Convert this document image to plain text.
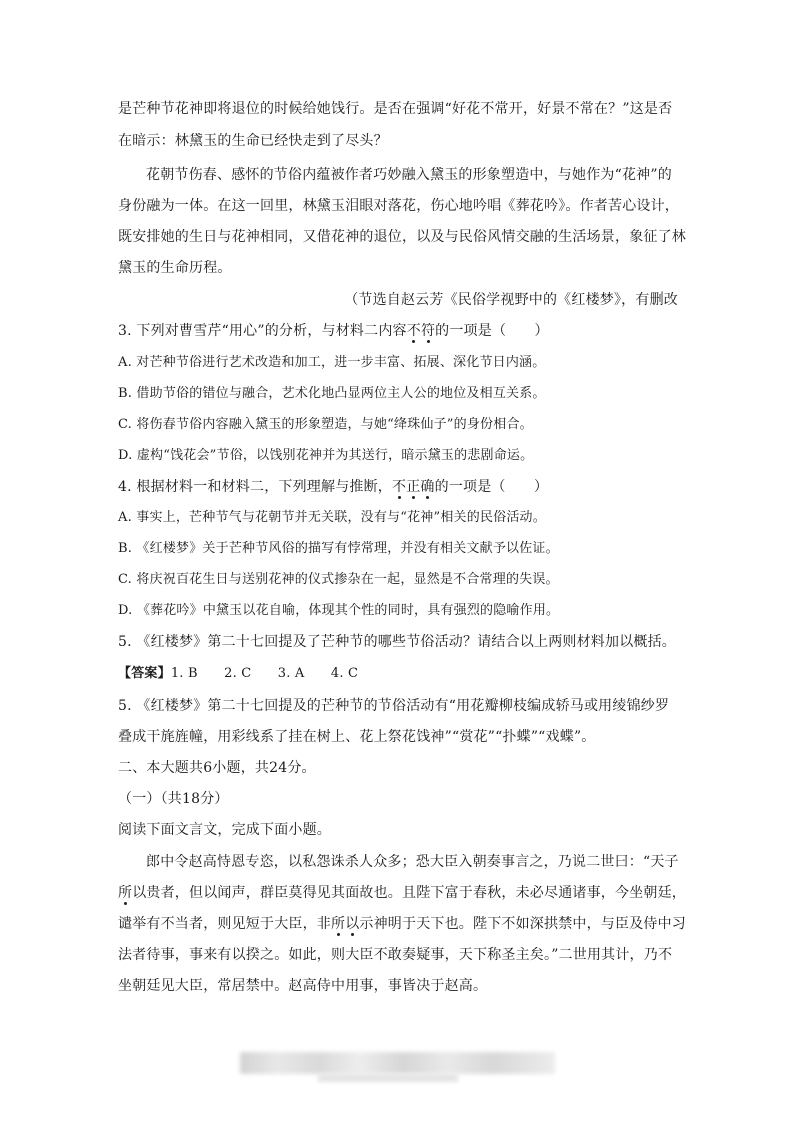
是芒种节花神即将退位的时候给她饯行。是否在强调“好花不常开，好景不常在？”这是否
在暗示：林黛玉的生命已经快走到了尽头？
花朝节伤春、感怀的节俗内蕴被作者巧妙融入黛玉的形象塑造中，与她作为“花神”的
身份融为一体。在这一回里，林黛玉泪眼对落花，伤心地吟唱《葬花吟》。作者苦心设计，
既安排她的生日与花神相同，又借花神的退位，以及与民俗风情交融的生活场景，象征了林
黛玉的生命历程。
（节选自赵云芳《民俗学视野中的《红楼梦》，有删改
3. 下列对曹雪芹“用心”的分析，与材料二内容不符的一项是（　　）
A. 对芒种节俗进行艺术改造和加工，进一步丰富、拓展、深化节日内涵。
B. 借助节俗的错位与融合，艺术化地凸显两位主人公的地位及相互关系。
C. 将伤春节俗内容融入黛玉的形象塑造，与她“绛珠仙子”的身份相合。
D. 虚构“饯花会”节俗，以饯别花神并为其送行，暗示黛玉的悲剧命运。
4. 根据材料一和材料二，下列理解与推断，不正确的一项是（　　）
A. 事实上，芒种节气与花朝节并无关联，没有与“花神”相关的民俗活动。
B. 《红楼梦》关于芒种节风俗的描写有悖常理，并没有相关文献予以佐证。
C. 将庆祝百花生日与送别花神的仪式掺杂在一起，显然是不合常理的失误。
D. 《葬花吟》中黛玉以花自喻，体现其个性的同时，具有强烈的隐喻作用。
5. 《红楼梦》第二十七回提及了芒种节的哪些节俗活动？请结合以上两则材料加以概括。
【答案】1. B　　2. C　　3. A　　4. C
5. 《红楼梦》第二十七回提及的芒种节的节俗活动有“用花瓣柳枝编成轿马或用绫锦纱罗
叠成干旄旌幢，用彩线系了挂在树上、花上祭花饯神”“赏花”“扑蝶”“戏蝶”。
二、本大题共6小题，共24分。
（一）（共18分）
阅读下面文言文，完成下面小题。
郎中令赵高恃恩专恣，以私怨诛杀人众多；恐大臣入朝奏事言之，乃说二世曰：“天子
所以贵者，但以闻声，群臣莫得见其面故也。且陛下富于春秋，未必尽通诸事，今坐朝廷，
谴举有不当者，则见短于大臣，非所以示神明于天下也。陛下不如深拱禁中，与臣及侍中习
法者待事，事来有以揆之。如此，则大臣不敢奏疑事，天下称圣主矣。”二世用其计，乃不
坐朝廷见大臣，常居禁中。赵高侍中用事，事皆决于赵高。
